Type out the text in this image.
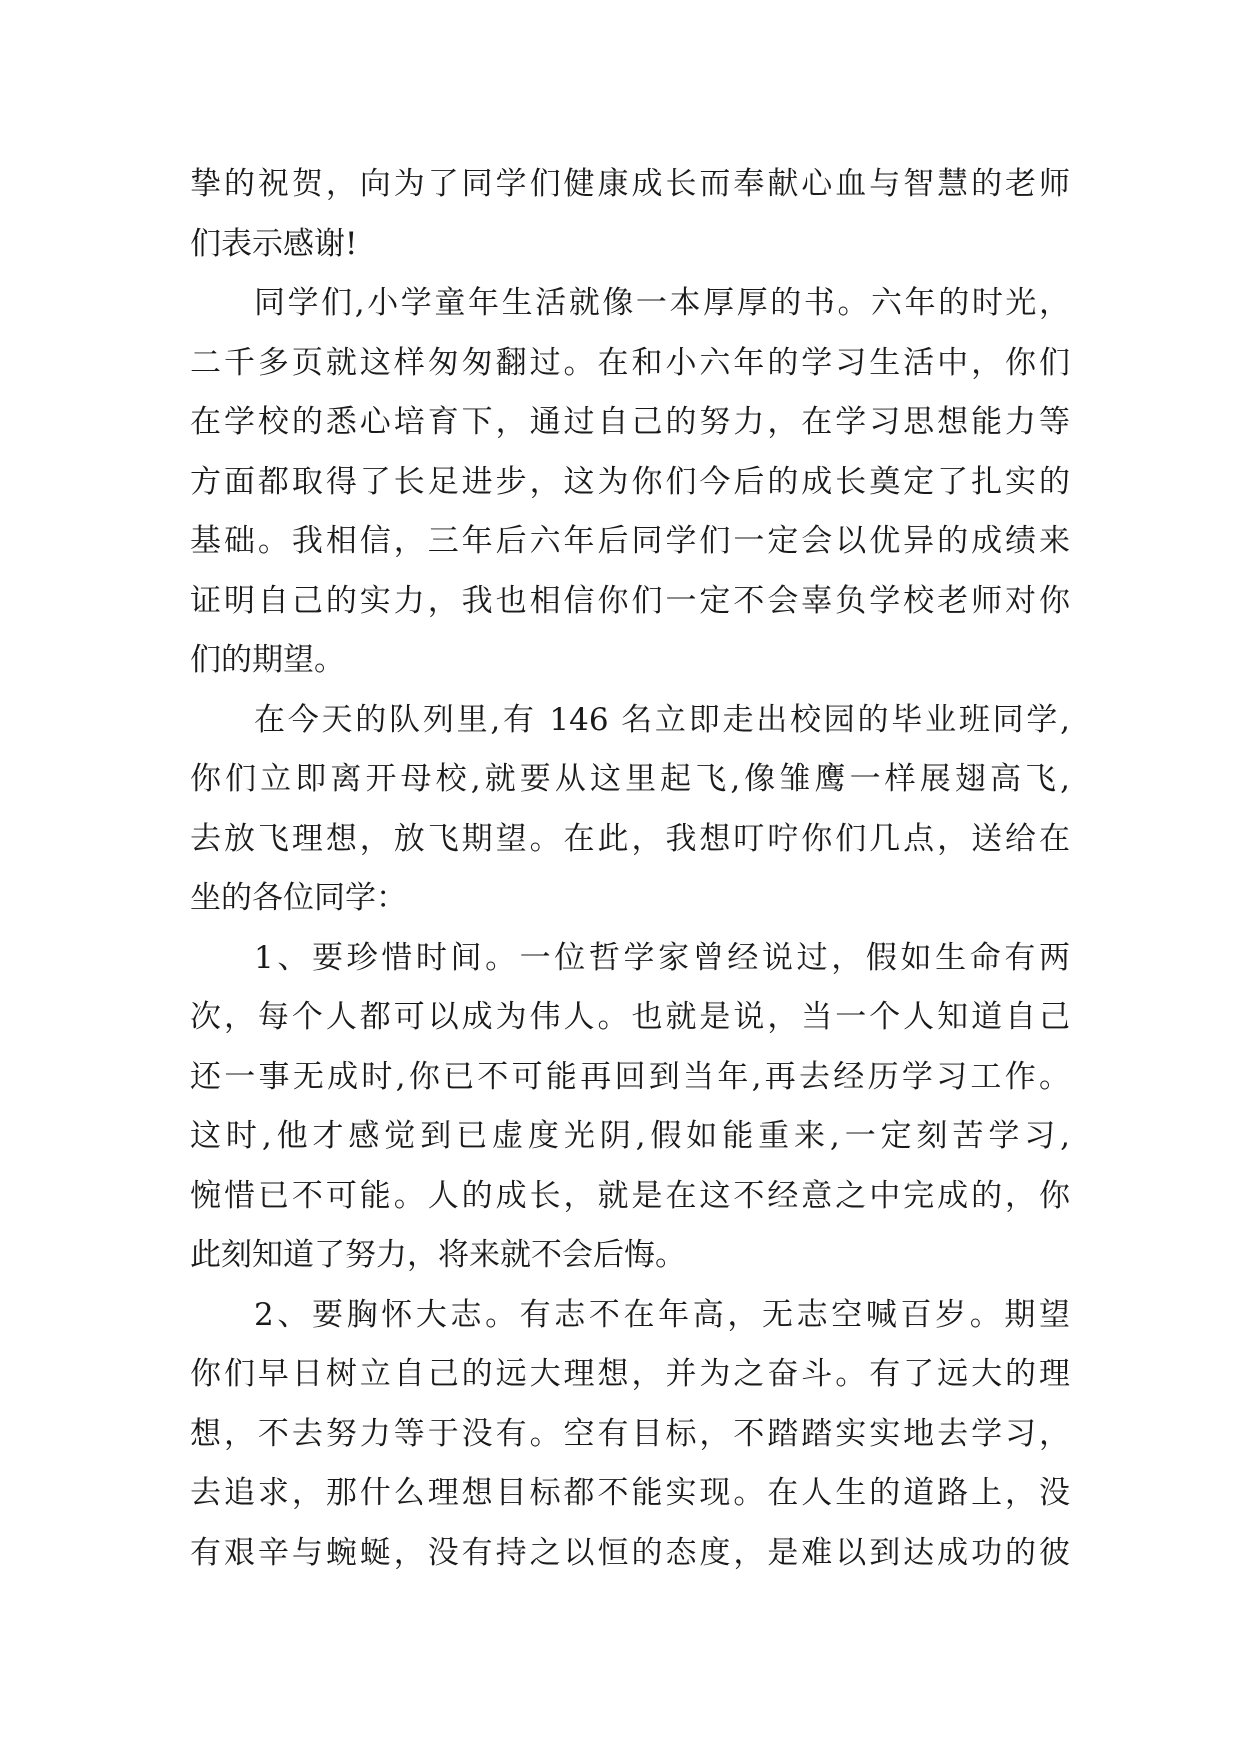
挚的祝贺，向为了同学们健康成长而奉献心血与智慧的老师
们表示感谢!
同学们,小学童年生活就像一本厚厚的书。六年的时光，
二千多页就这样匆匆翻过。在和小六年的学习生活中，你们
在学校的悉心培育下，通过自己的努力，在学习思想能力等
方面都取得了长足进步，这为你们今后的成长奠定了扎实的
基础。我相信，三年后六年后同学们一定会以优异的成绩来
证明自己的实力，我也相信你们一定不会辜负学校老师对你
们的期望。
在今天的队列里,有 146 名立即走出校园的毕业班同学,
你们立即离开母校,就要从这里起飞,像雏鹰一样展翅高飞,
去放飞理想，放飞期望。在此，我想叮咛你们几点，送给在
坐的各位同学：
1、要珍惜时间。一位哲学家曾经说过，假如生命有两
次，每个人都可以成为伟人。也就是说，当一个人知道自己
还一事无成时,你已不可能再回到当年,再去经历学习工作。
这时,他才感觉到已虚度光阴,假如能重来,一定刻苦学习,
惋惜已不可能。人的成长，就是在这不经意之中完成的，你
此刻知道了努力，将来就不会后悔。
2、要胸怀大志。有志不在年高，无志空喊百岁。期望
你们早日树立自己的远大理想，并为之奋斗。有了远大的理
想，不去努力等于没有。空有目标，不踏踏实实地去学习，
去追求，那什么理想目标都不能实现。在人生的道路上，没
有艰辛与蜿蜒，没有持之以恒的态度，是难以到达成功的彼
